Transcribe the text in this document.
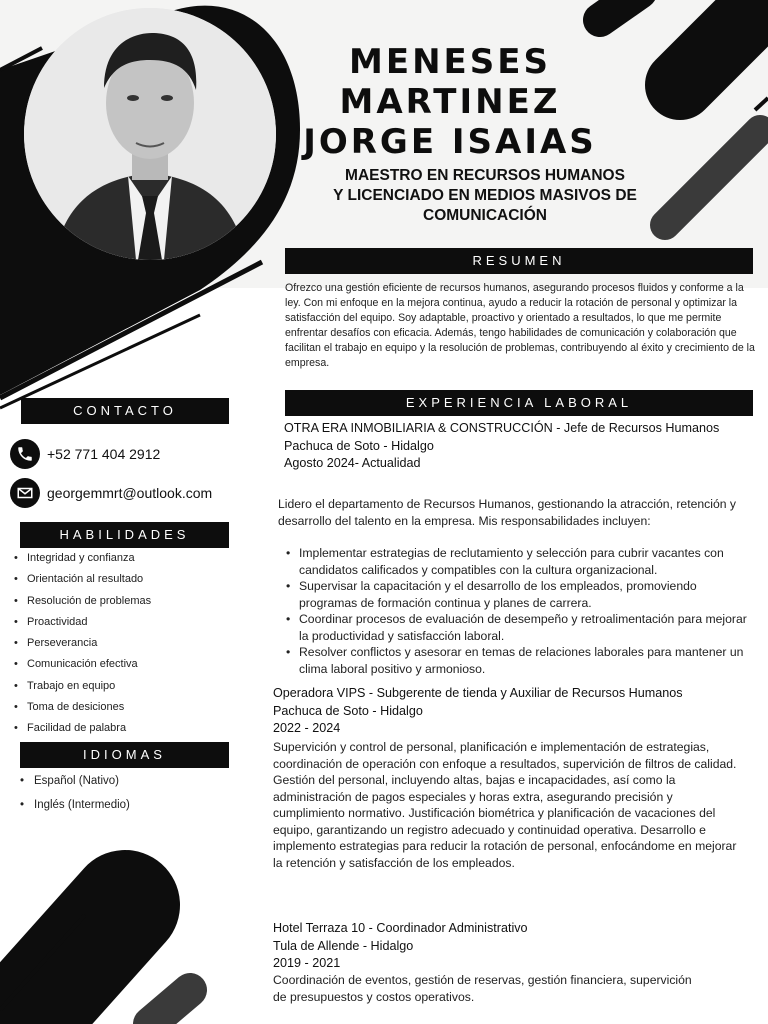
MENESES
MARTINEZ
JORGE ISAIAS
MAESTRO EN RECURSOS HUMANOS
Y LICENCIADO EN MEDIOS MASIVOS DE
COMUNICACIÓN
RESUMEN

Ofrezco una gestión eficiente de recursos humanos, asegurando procesos fluidos y conforme a la ley. Con mi enfoque en la mejora continua, ayudo a reducir la rotación de personal y optimizar la satisfacción del equipo. Soy adaptable, proactivo y orientado a resultados, lo que me permite enfrentar desafíos con eficacia. Además, tengo habilidades de comunicación y colaboración que facilitan el trabajo en equipo y la resolución de problemas, contribuyendo al éxito y crecimiento de la empresa.

CONTACTO
+52 771 404 2912
georgemmrt@outlook.com
HABILIDADES
• Integridad y confianza
• Orientación al resultado
• Resolución de problemas
• Proactividad
• Perseverancia
• Comunicación efectiva
• Trabajo en equipo
• Toma de desiciones
• Facilidad de palabra
IDIOMAS
• Español (Nativo)
• Inglés (Intermedio)
EXPERIENCIA LABORAL
OTRA ERA INMOBILIARIA & CONSTRUCCIÓN - Jefe de Recursos Humanos
Pachuca de Soto - Hidalgo
Agosto 2024- Actualidad

Lidero el departamento de Recursos Humanos, gestionando la atracción, retención y desarrollo del talento en la empresa. Mis responsabilidades incluyen:

• Implementar estrategias de reclutamiento y selección para cubrir vacantes con candidatos calificados y compatibles con la cultura organizacional.
• Supervisar la capacitación y el desarrollo de los empleados, promoviendo programas de formación continua y planes de carrera.
• Coordinar procesos de evaluación de desempeño y retroalimentación para mejorar la productividad y satisfacción laboral.
• Resolver conflictos y asesorar en temas de relaciones laborales para mantener un clima laboral positivo y armonioso.
Operadora VIPS - Subgerente de tienda y Auxiliar de Recursos Humanos
Pachuca de Soto - Hidalgo
2022 - 2024

Supervición y control de personal, planificación e implementación de estrategias, coordinación de operación con enfoque a resultados, supervición de filtros de calidad.
Gestión del personal, incluyendo altas, bajas e incapacidades, así como la administración de pagos especiales y horas extra, asegurando precisión y cumplimiento normativo. Justificación biométrica y planificación de vacaciones del equipo, garantizando un registro adecuado y continuidad operativa. Desarrollo e implemento estrategias para reducir la rotación de personal, enfocándome en mejorar la retención y satisfacción de los empleados.

Hotel Terraza 10 - Coordinador Administrativo
Tula de Allende - Hidalgo
2019 - 2021

Coordinación de eventos, gestión de reservas, gestión financiera, supervición de presupuestos y costos operativos.
